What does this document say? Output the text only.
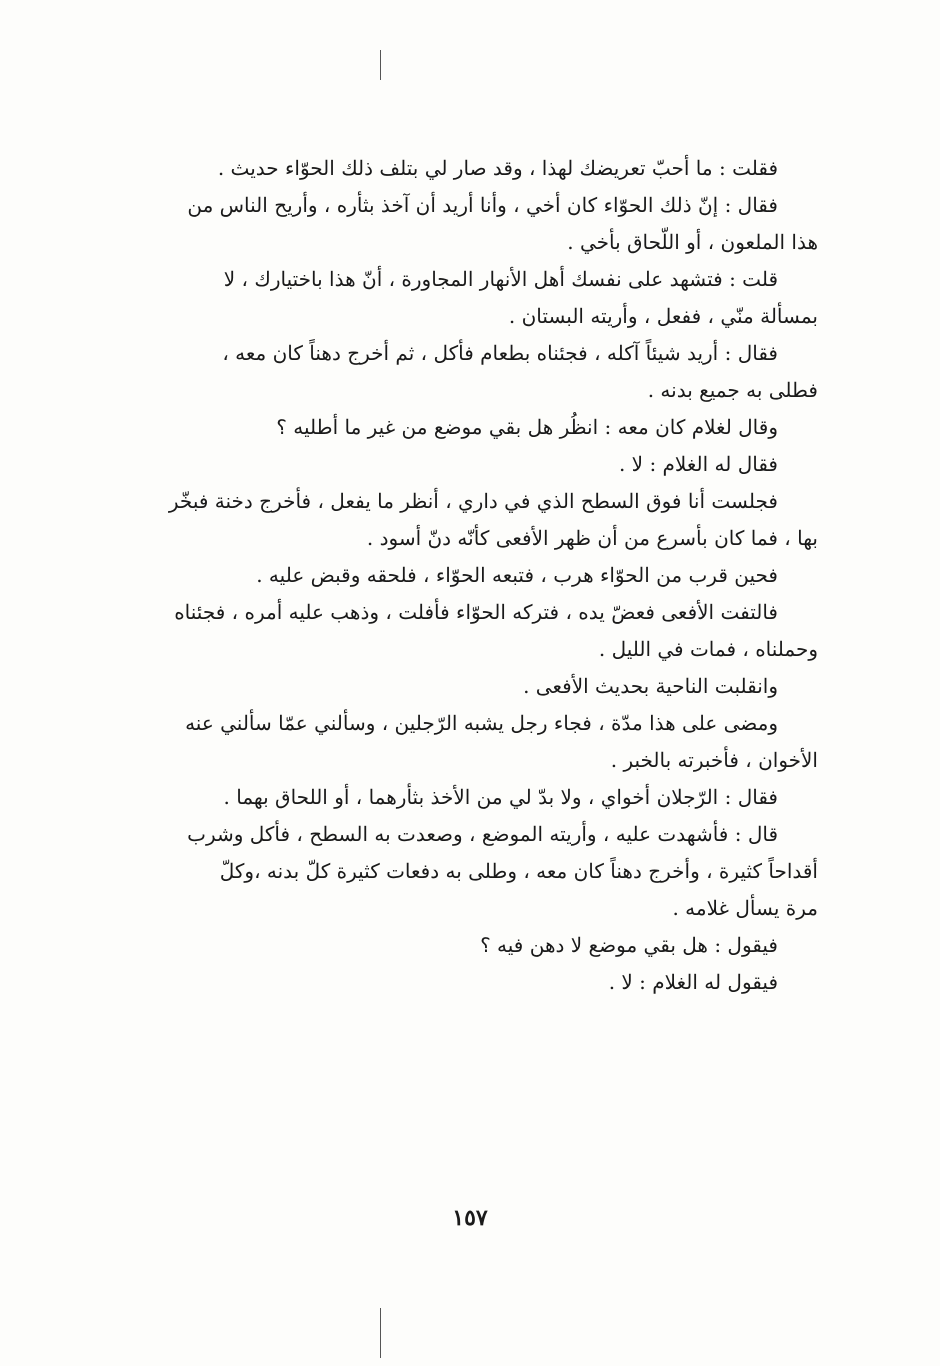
فقلت : ما أحبّ تعريضك لهذا ، وقد صار لي بتلف ذلك الحوّاء حديث .
فقال : إنّ ذلك الحوّاء كان أخي ، وأنا أريد أن آخذ بثأره ، وأريح الناس من
هذا الملعون ، أو اللّحاق بأخي .
قلت : فتشهد على نفسك أهل الأنهار المجاورة ، أنّ هذا باختيارك ، لا
بمسألة منّي ، ففعل ، وأريته البستان .
فقال : أريد شيئاً آكله ، فجئناه بطعام فأكل ، ثم أخرج دهناً كان معه ،
فطلى به جميع بدنه .
وقال لغلام كان معه : انظُر هل بقي موضع من غير ما أطليه ؟
فقال له الغلام : لا .
فجلست أنا فوق السطح الذي في داري ، أنظر ما يفعل ، فأخرج دخنة فبخّر
بها ، فما كان بأسرع من أن ظهر الأفعى كأنّه دنّ أسود .
فحين قرب من الحوّاء هرب ، فتبعه الحوّاء ، فلحقه وقبض عليه .
فالتفت الأفعى فعضّ يده ، فتركه الحوّاء فأفلت ، وذهب عليه أمره ، فجئناه
وحملناه ، فمات في الليل .
وانقلبت الناحية بحديث الأفعى .
ومضى على هذا مدّة ، فجاء رجل يشبه الرّجلين ، وسألني عمّا سألني عنه
الأخوان ، فأخبرته بالخبر .
فقال : الرّجلان أخواي ، ولا بدّ لي من الأخذ بثأرهما ، أو اللحاق بهما .
قال : فأشهدت عليه ، وأريته الموضع ، وصعدت به السطح ، فأكل وشرب
أقداحاً كثيرة ، وأخرج دهناً كان معه ، وطلى به دفعات كثيرة كلّ بدنه ،وكلّ
مرة يسأل غلامه .
فيقول : هل بقي موضع لا دهن فيه ؟
فيقول له الغلام : لا .
١٥٧
